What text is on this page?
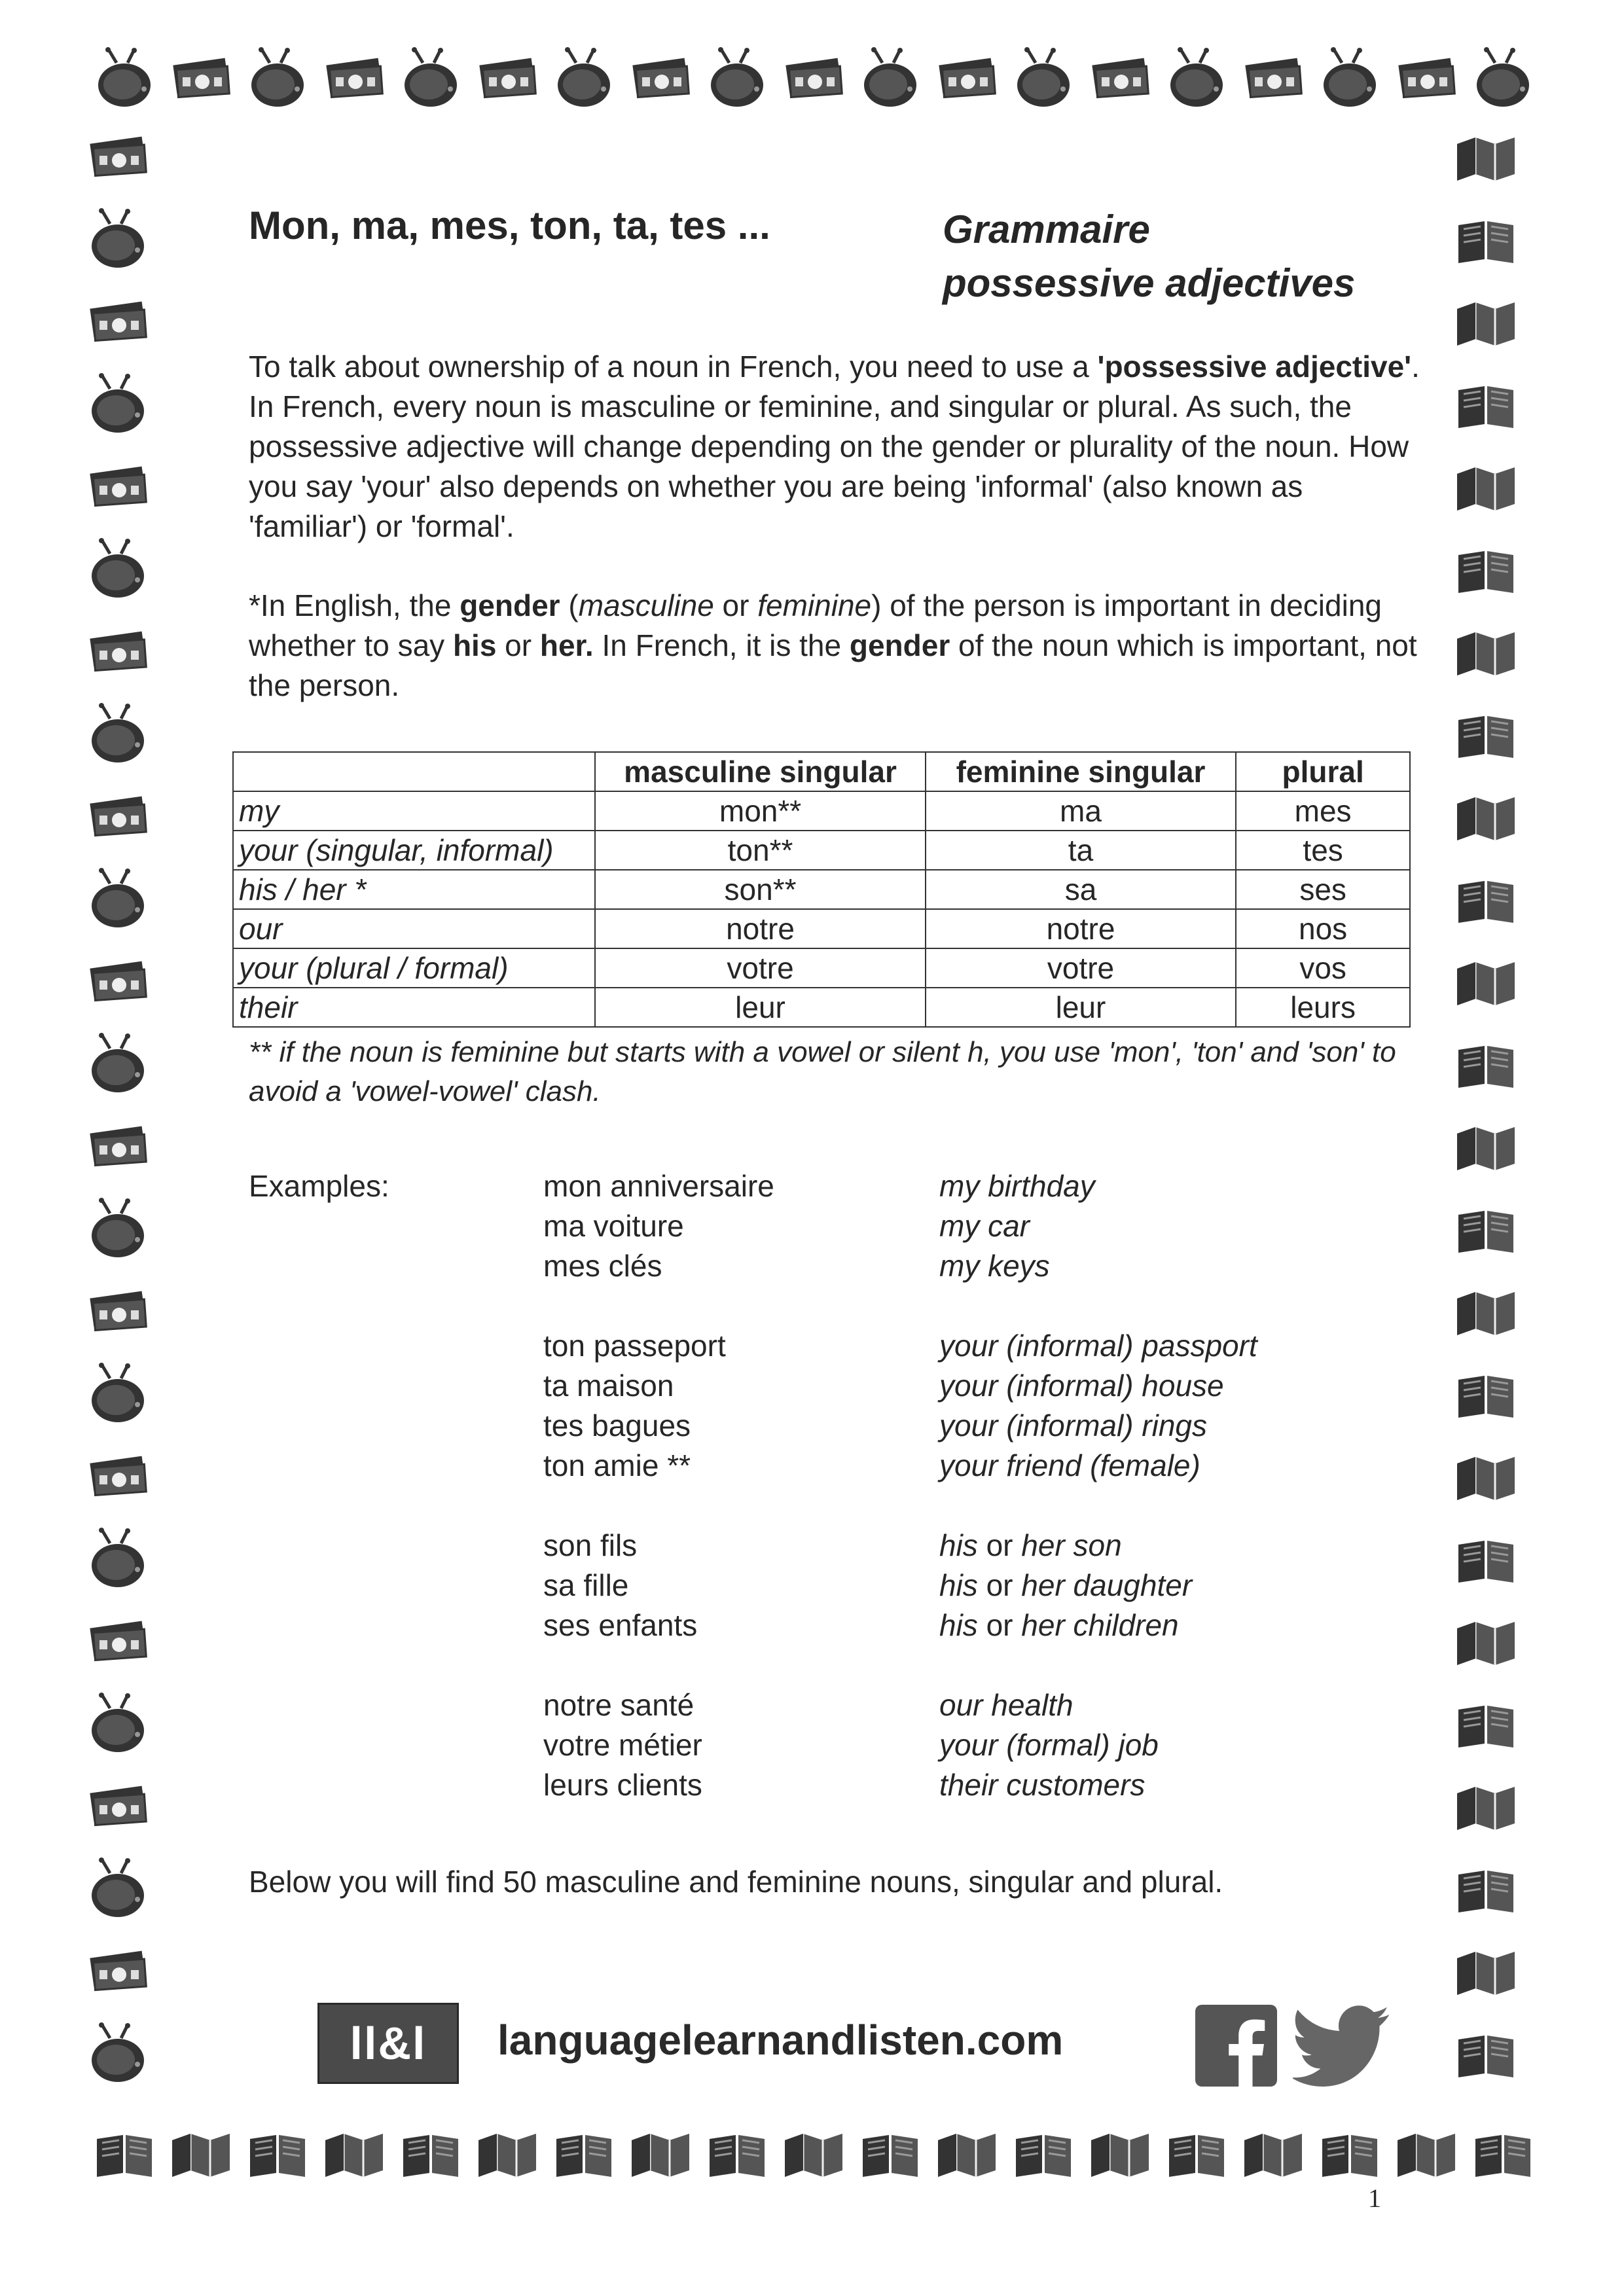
Mon, ma, mes, ton, ta, tes ...	Grammaire
possessive adjectives
To talk about ownership of a noun in French, you need to use a 'possessive adjective'. In French, every noun is masculine or feminine, and singular or plural. As such, the possessive adjective will change depending on the gender or plurality of the noun. How you say 'your' also depends on whether you are being 'informal' (also known as 'familiar') or 'formal'.
*In English, the gender (masculine or feminine) of the person is important in deciding whether to say his or her. In French, it is the gender of the noun which is important, not the person.
	masculine singular	feminine singular	plural
my	mon**	ma	mes
your (singular, informal)	ton**	ta	tes
his / her *	son**	sa	ses
our	notre	notre	nos
your (plural / formal)	votre	votre	vos
their	leur	leur	leurs
** if the noun is feminine but starts with a vowel or silent h, you use 'mon', 'ton' and 'son' to avoid a 'vowel-vowel' clash.
Examples:	mon anniversaire	my birthday
ma voiture	my car
mes clés	my keys
ton passeport	your (informal) passport
ta maison	your (informal) house
tes bagues	your (informal) rings
ton amie **	your friend (female)
son fils	his or her son
sa fille	his or her daughter
ses enfants	his or her children
notre santé	our health
votre métier	your (formal) job
leurs clients	their customers
Below you will find 50 masculine and feminine nouns, singular and plural.
ll&l	languagelearnandlisten.com
1
